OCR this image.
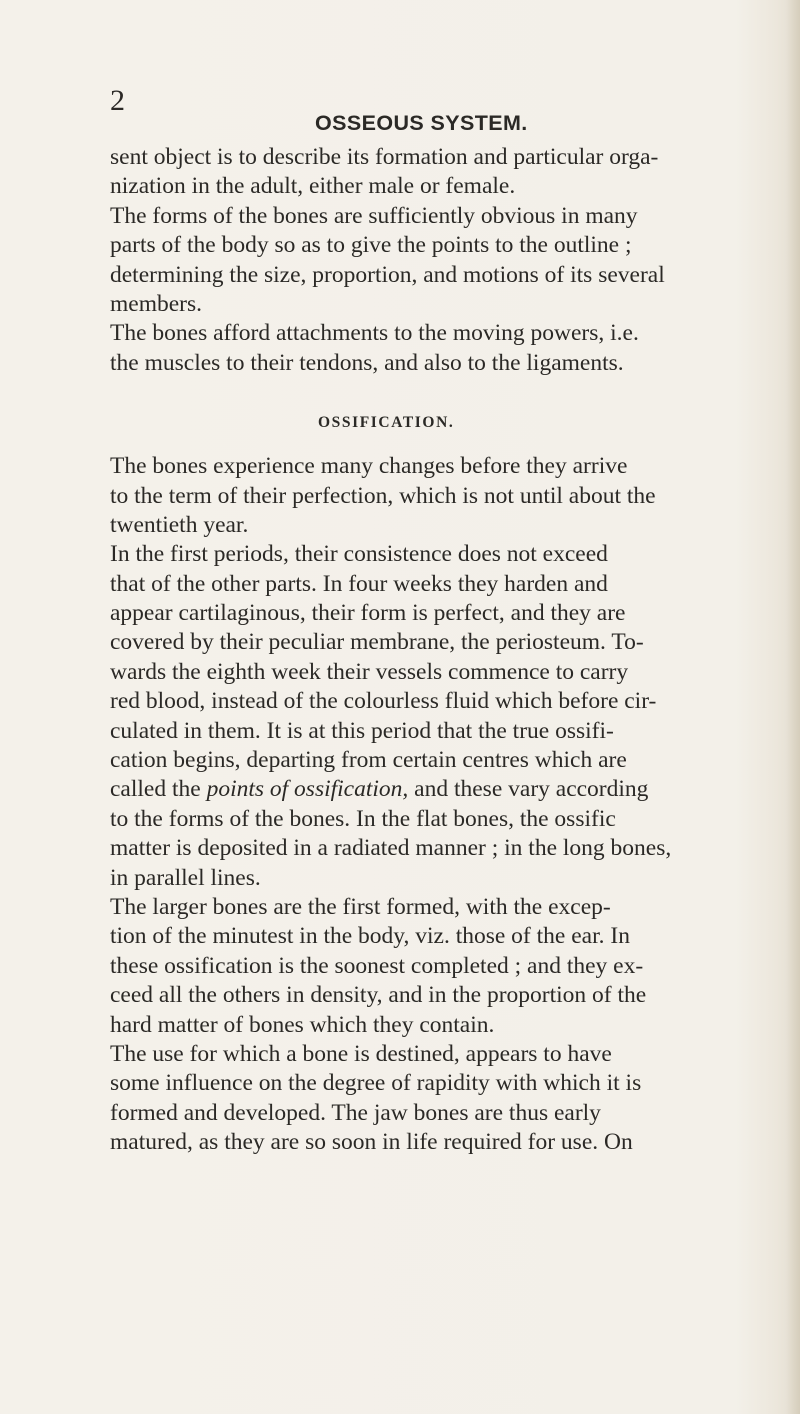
2
OSSEOUS SYSTEM.
sent object is to describe its formation and particular orga-
nization in the adult, either male or female.
The forms of the bones are sufficiently obvious in many
parts of the body so as to give the points to the outline ;
determining the size, proportion, and motions of its several
members.
The bones afford attachments to the moving powers, i.e.
the muscles to their tendons, and also to the ligaments.
OSSIFICATION.
The bones experience many changes before they arrive
to the term of their perfection, which is not until about the
twentieth year.
In the first periods, their consistence does not exceed
that of the other parts. In four weeks they harden and
appear cartilaginous, their form is perfect, and they are
covered by their peculiar membrane, the periosteum. To-
wards the eighth week their vessels commence to carry
red blood, instead of the colourless fluid which before cir-
culated in them. It is at this period that the true ossifi-
cation begins, departing from certain centres which are
called the points of ossification, and these vary according
to the forms of the bones. In the flat bones, the ossific
matter is deposited in a radiated manner ; in the long bones,
in parallel lines.
The larger bones are the first formed, with the excep-
tion of the minutest in the body, viz. those of the ear. In
these ossification is the soonest completed ; and they ex-
ceed all the others in density, and in the proportion of the
hard matter of bones which they contain.
The use for which a bone is destined, appears to have
some influence on the degree of rapidity with which it is
formed and developed. The jaw bones are thus early
matured, as they are so soon in life required for use. On
